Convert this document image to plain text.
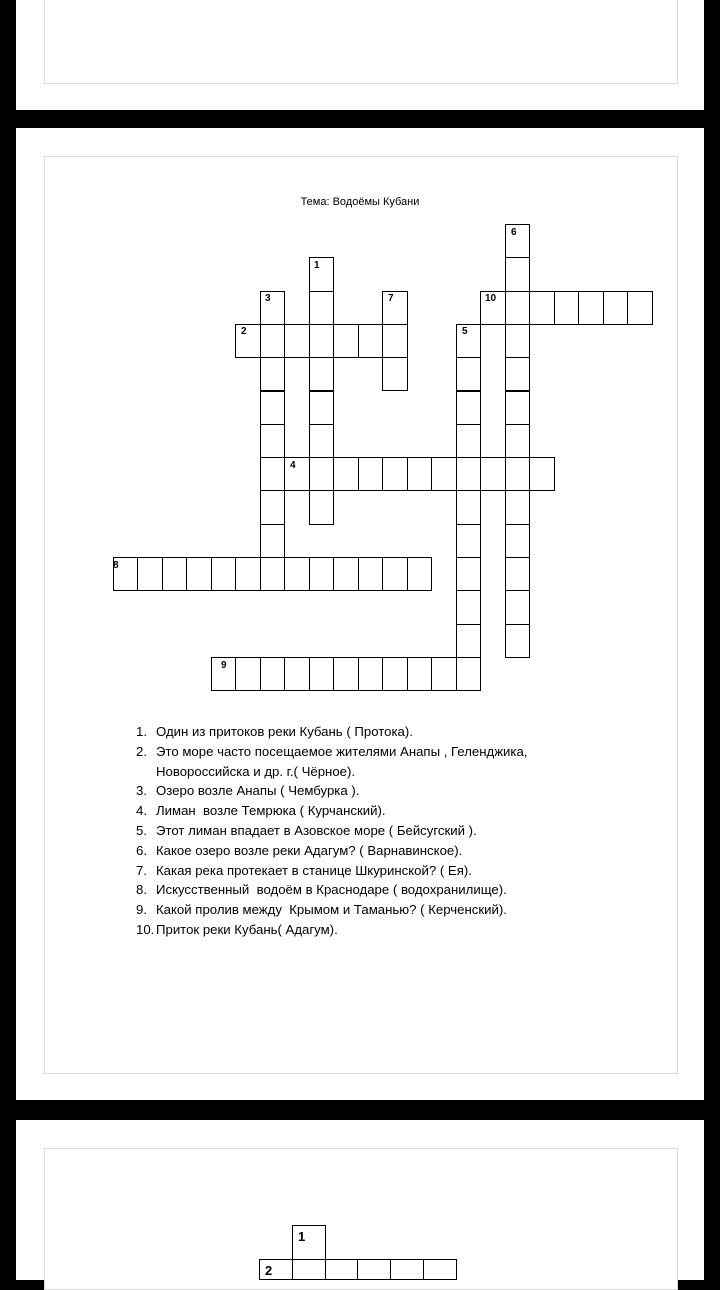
Тема: Водоёмы Кубани
6
1
3	7	10
2	5
4
8
9
1. Один из притоков реки Кубань ( Протока).
2. Это море часто посещаемое жителями Анапы , Геленджика, Новороссийска и др. г.( Чёрное).
3. Озеро возле Анапы ( Чембурка ).
4. Лиман  возле Темрюка ( Курчанский).
5. Этот лиман впадает в Азовское море ( Бейсугский ).
6. Какое озеро возле реки Адагум? ( Варнавинское).
7. Какая река протекает в станице Шкуринской? ( Ея).
8. Искусственный  водоём в Краснодаре ( водохранилище).
9. Какой пролив между  Крымом и Таманью? ( Керченский).
10. Приток реки Кубань( Адагум).
1
2
